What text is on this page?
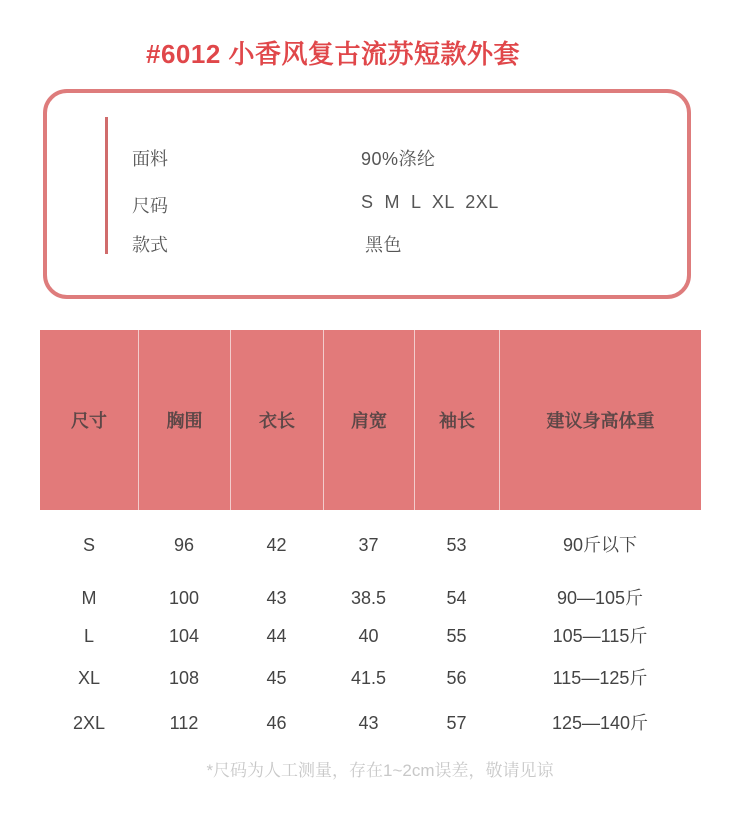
#6012 小香风复古流苏短款外套
面料	90%涤纶
尺码	S  M  L  XL  2XL
款式	黑色
尺寸	胸围	衣长	肩宽	袖长	建议身高体重
S	96	42	37	53	90斤以下
M	100	43	38.5	54	90—105斤
L	104	44	40	55	105—115斤
XL	108	45	41.5	56	115—125斤
2XL	112	46	43	57	125—140斤
*尺码为人工测量，存在1~2cm误差，敬请见谅
